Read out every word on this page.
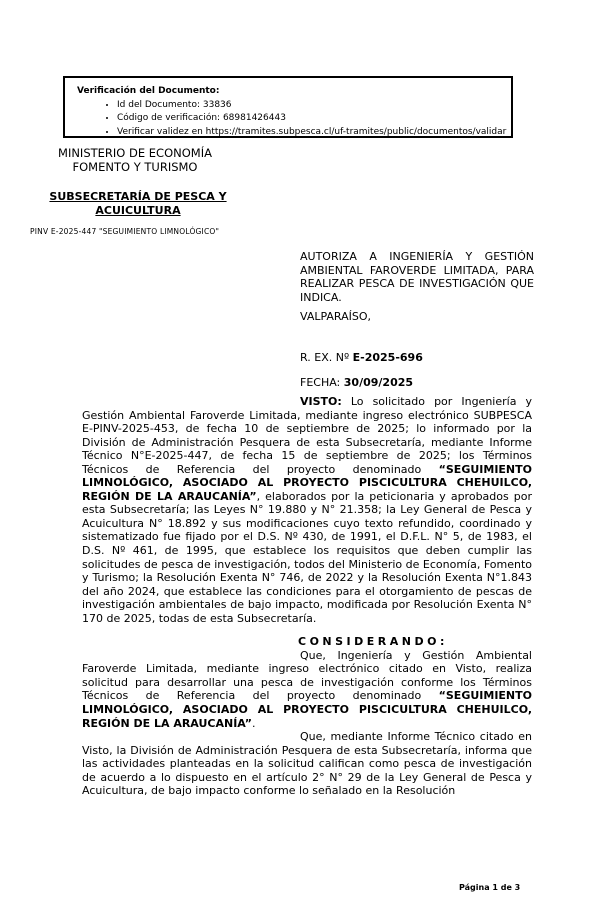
Verificación del Documento:
• Id del Documento: 33836
• Código de verificación: 68981426443
• Verificar validez en https://tramites.subpesca.cl/uf-tramites/public/documentos/validar
MINISTERIO DE ECONOMÍA
FOMENTO Y TURISMO
SUBSECRETARÍA DE PESCA Y
ACUICULTURA
PINV E-2025-447 "SEGUIMIENTO LIMNOLÓGICO"
AUTORIZA A INGENIERÍA Y GESTIÓN AMBIENTAL FAROVERDE LIMITADA, PARA REALIZAR PESCA DE INVESTIGACIÓN QUE INDICA.
VALPARAÍSO,
R. EX. Nº E-2025-696
FECHA: 30/09/2025

VISTO: Lo solicitado por Ingeniería y Gestión Ambiental Faroverde Limitada, mediante ingreso electrónico SUBPESCA E-PINV-2025-453, de fecha 10 de septiembre de 2025; lo informado por la División de Administración Pesquera de esta Subsecretaría, mediante Informe Técnico N°E-2025-447, de fecha 15 de septiembre de 2025; los Términos Técnicos de Referencia del proyecto denominado “SEGUIMIENTO LIMNOLÓGICO, ASOCIADO AL PROYECTO PISCICULTURA CHEHUILCO, REGIÓN DE LA ARAUCANÍA”, elaborados por la peticionaria y aprobados por esta Subsecretaría; las Leyes N° 19.880 y N° 21.358; la Ley General de Pesca y Acuicultura N° 18.892 y sus modificaciones cuyo texto refundido, coordinado y sistematizado fue fijado por el D.S. Nº 430, de 1991, el D.F.L. N° 5, de 1983, el D.S. Nº 461, de 1995, que establece los requisitos que deben cumplir las solicitudes de pesca de investigación, todos del Ministerio de Economía, Fomento y Turismo; la Resolución Exenta N° 746, de 2022 y la Resolución Exenta N°1.843 del año 2024, que establece las condiciones para el otorgamiento de pescas de investigación ambientales de bajo impacto, modificada por Resolución Exenta N° 170 de 2025, todas de esta Subsecretaría.

CONSIDERANDO:

Que, Ingeniería y Gestión Ambiental Faroverde Limitada, mediante ingreso electrónico citado en Visto, realiza solicitud para desarrollar una pesca de investigación conforme los Términos Técnicos de Referencia del proyecto denominado “SEGUIMIENTO LIMNOLÓGICO, ASOCIADO AL PROYECTO PISCICULTURA CHEHUILCO, REGIÓN DE LA ARAUCANÍA”.

Que, mediante Informe Técnico citado en Visto, la División de Administración Pesquera de esta Subsecretaría, informa que las actividades planteadas en la solicitud califican como pesca de investigación de acuerdo a lo dispuesto en el artículo 2° N° 29 de la Ley General de Pesca y Acuicultura, de bajo impacto conforme lo señalado en la Resolución

Página 1 de 3
